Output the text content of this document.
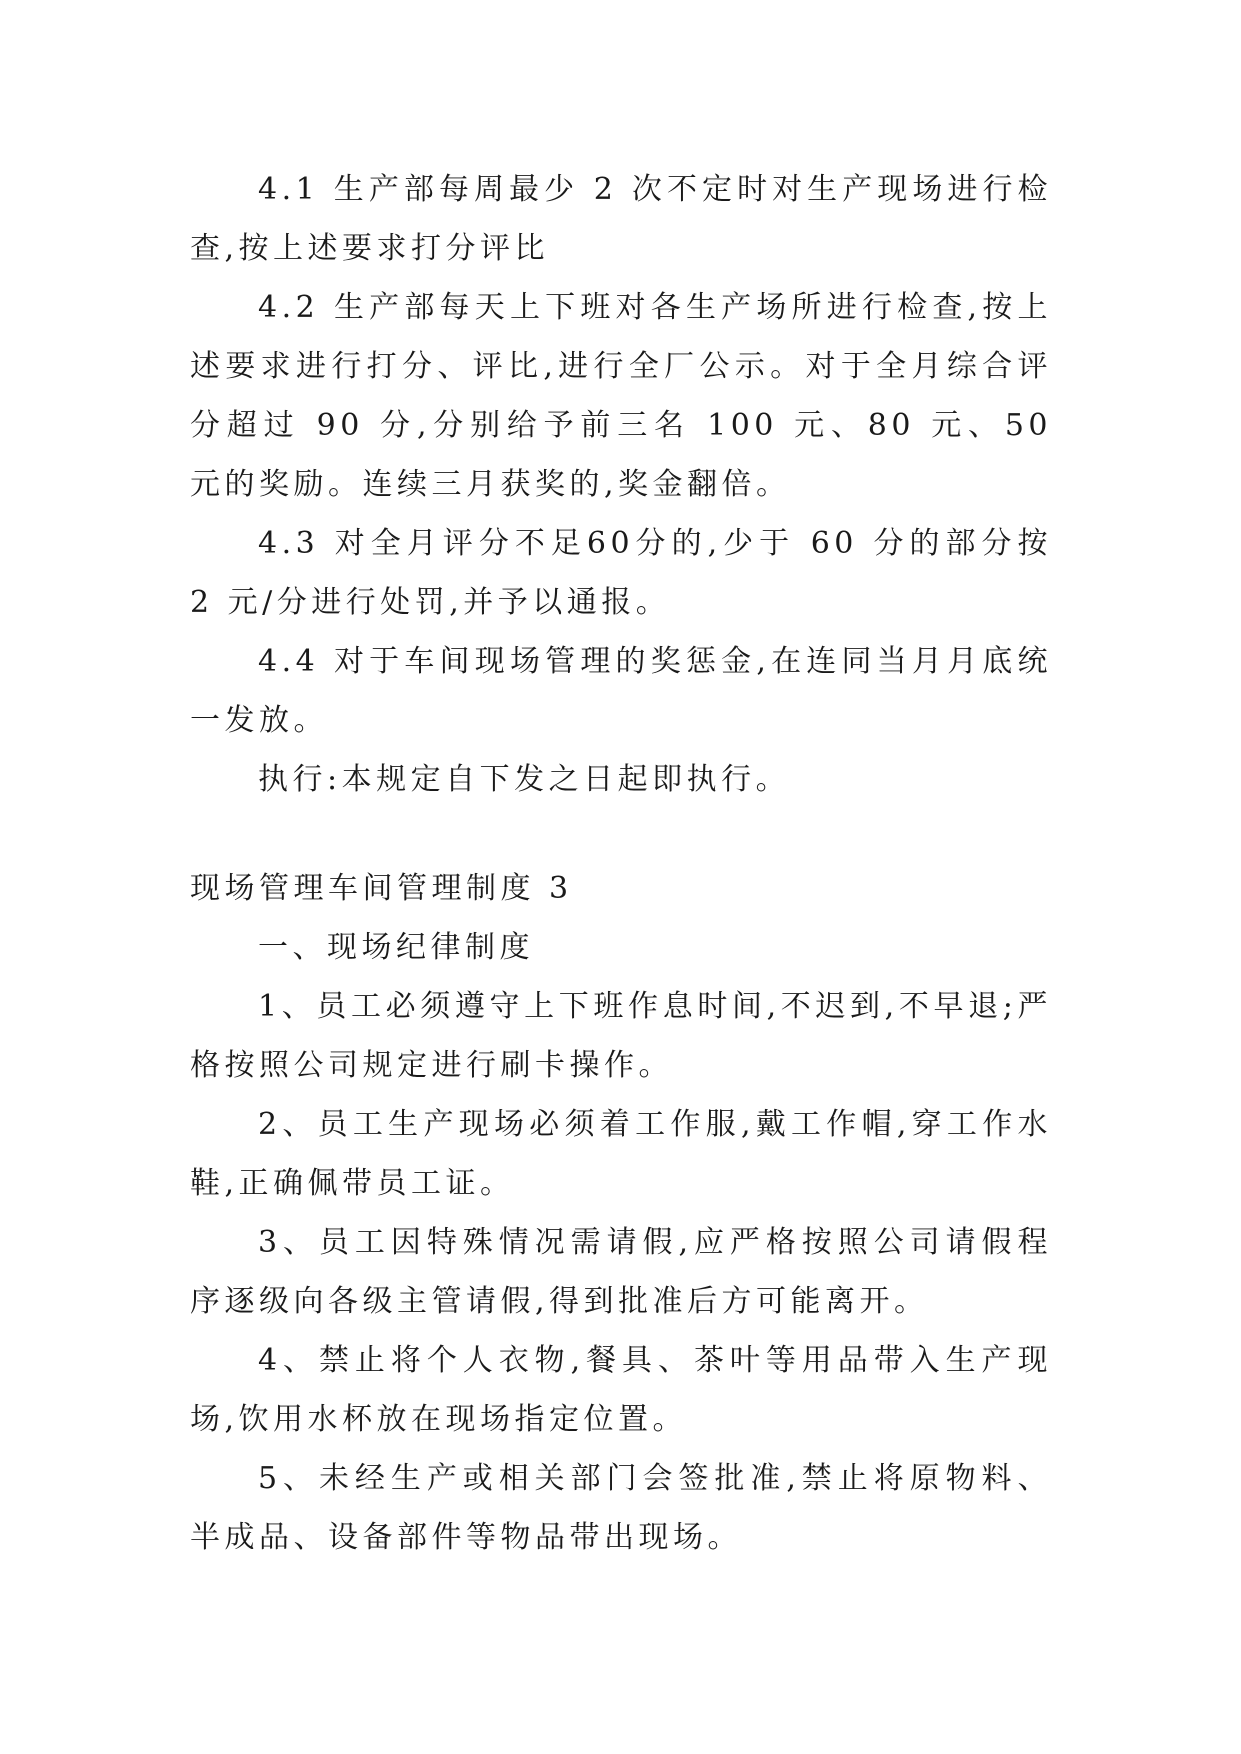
4.1 生产部每周最少 2 次不定时对生产现场进行检查,按上述要求打分评比

4.2 生产部每天上下班对各生产场所进行检查,按上述要求进行打分、评比,进行全厂公示。对于全月综合评分超过 90 分,分别给予前三名 100 元、80 元、50 元的奖励。连续三月获奖的,奖金翻倍。

4.3 对全月评分不足60分的,少于 60 分的部分按 2 元/分进行处罚,并予以通报。

4.4 对于车间现场管理的奖惩金,在连同当月月底统一发放。

执行:本规定自下发之日起即执行。

现场管理车间管理制度 3

一、现场纪律制度

1、员工必须遵守上下班作息时间,不迟到,不早退;严格按照公司规定进行刷卡操作。

2、员工生产现场必须着工作服,戴工作帽,穿工作水鞋,正确佩带员工证。

3、员工因特殊情况需请假,应严格按照公司请假程序逐级向各级主管请假,得到批准后方可能离开。

4、禁止将个人衣物,餐具、茶叶等用品带入生产现场,饮用水杯放在现场指定位置。

5、未经生产或相关部门会签批准,禁止将原物料、半成品、设备部件等物品带出现场。
